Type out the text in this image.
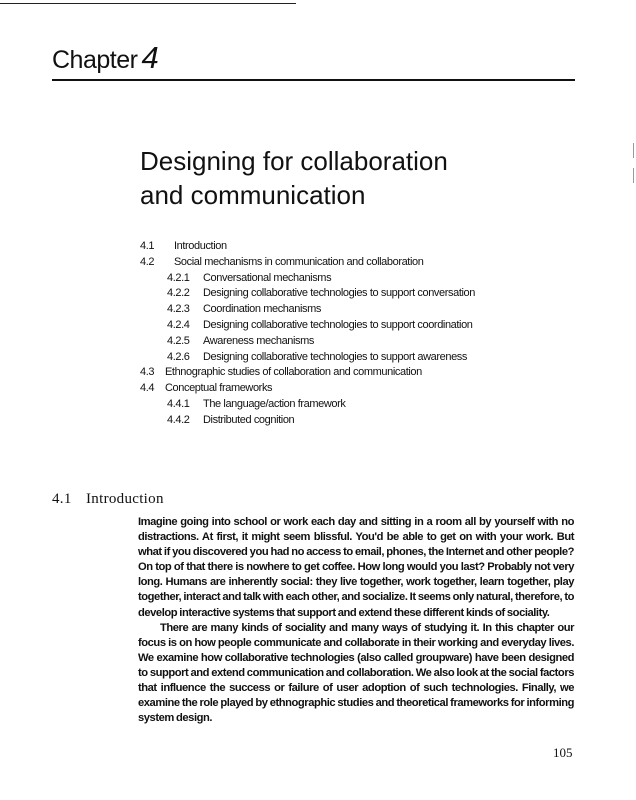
Chapter 4
Designing for collaboration
and communication
4.1 Introduction
4.2 Social mechanisms in communication and collaboration
4.2.1 Conversational mechanisms
4.2.2 Designing collaborative technologies to support conversation
4.2.3 Coordination mechanisms
4.2.4 Designing collaborative technologies to support coordination
4.2.5 Awareness mechanisms
4.2.6 Designing collaborative technologies to support awareness
4.3 Ethnographic studies of collaboration and communication
4.4 Conceptual frameworks
4.4.1 The language/action framework
4.4.2 Distributed cognition
4.1 Introduction

Imagine going into school or work each day and sitting in a room all by yourself with no distractions. At first, it might seem blissful. You'd be able to get on with your work. But what if you discovered you had no access to email, phones, the Internet and other people? On top of that there is nowhere to get coffee. How long would you last? Probably not very long. Humans are inherently social: they live together, work together, learn together, play together, interact and talk with each other, and socialize. It seems only natural, therefore, to develop interactive systems that support and extend these different kinds of sociality.

There are many kinds of sociality and many ways of studying it. In this chapter our focus is on how people communicate and collaborate in their working and everyday lives. We examine how collaborative technologies (also called groupware) have been designed to support and extend communication and collaboration. We also look at the social factors that influence the success or failure of user adoption of such technologies. Finally, we examine the role played by ethnographic studies and theoretical frameworks for informing system design.

105
